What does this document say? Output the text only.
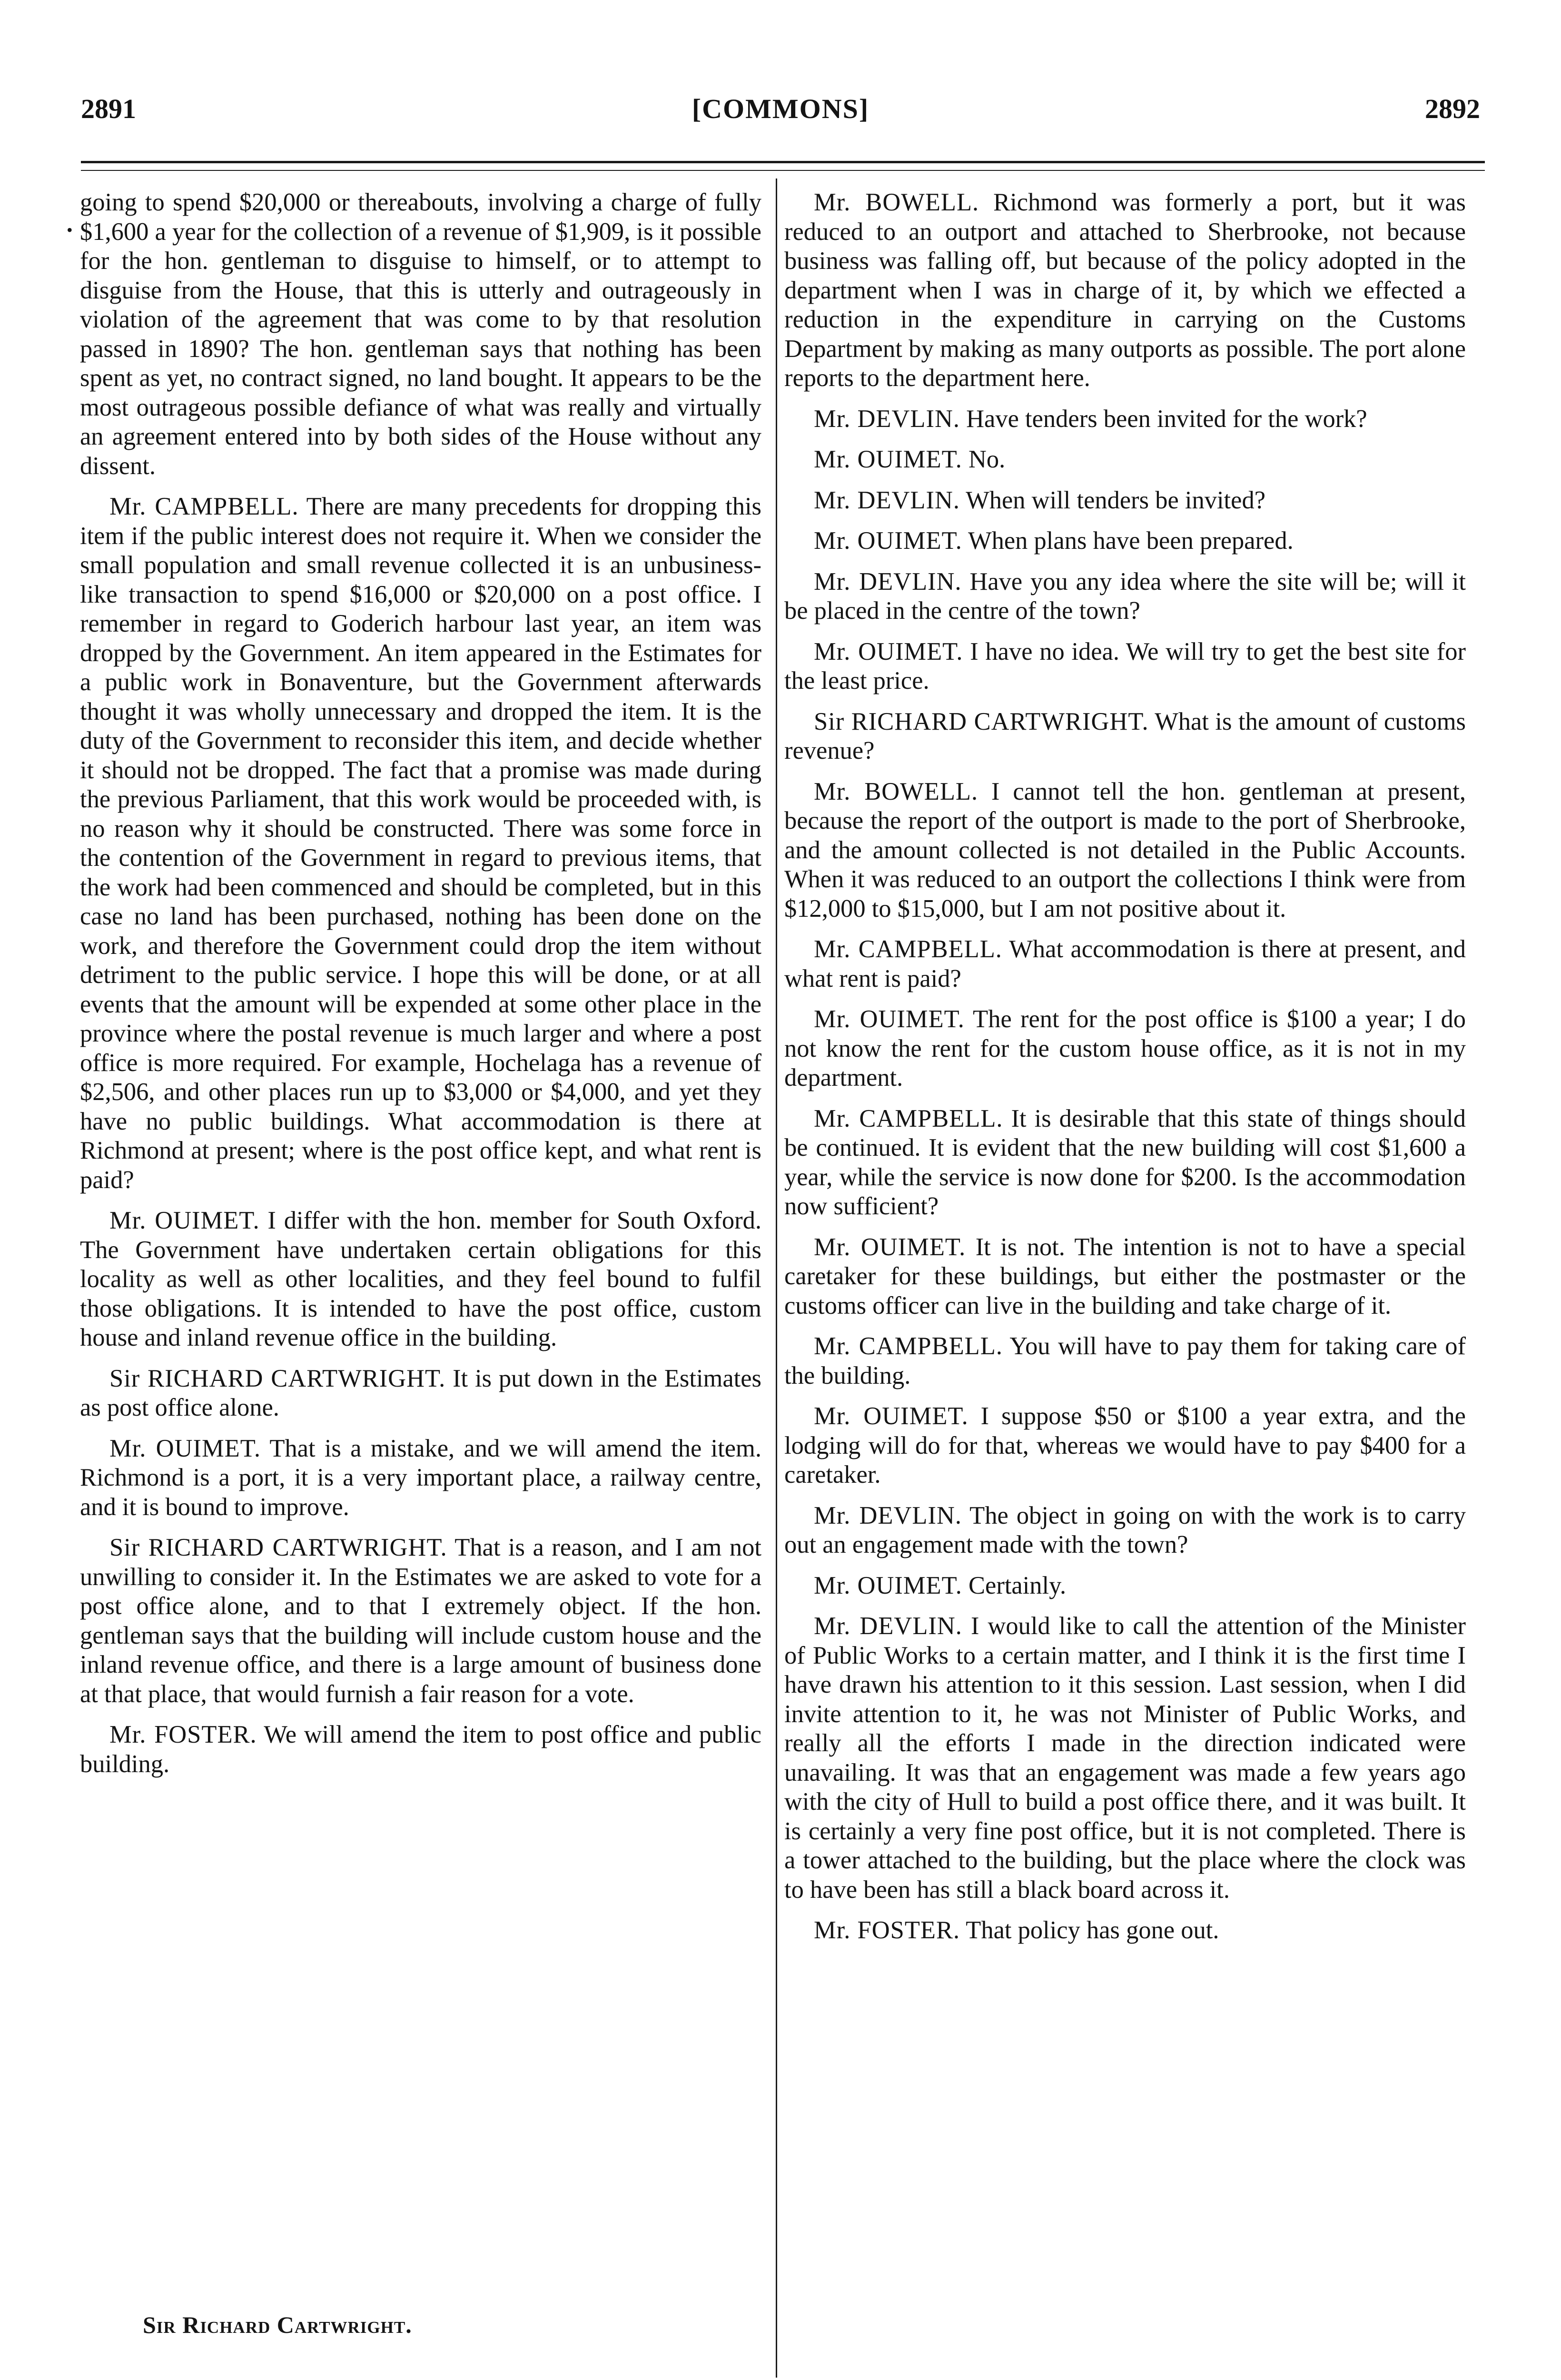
2891	[COMMONS]	2892
•

going to spend $20,000 or thereabouts, involving a charge of fully $1,600 a year for the collection of a revenue of $1,909, is it possible for the hon. gentleman to disguise to himself, or to attempt to disguise from the House, that this is utterly and outrageously in violation of the agreement that was come to by that resolution passed in 1890? The hon. gentleman says that nothing has been spent as yet, no contract signed, no land bought. It appears to be the most outrageous possible defiance of what was really and virtually an agreement entered into by both sides of the House without any dissent.

Mr. CAMPBELL. There are many precedents for dropping this item if the public interest does not require it. When we consider the small population and small revenue collected it is an unbusiness-like transaction to spend $16,000 or $20,000 on a post office. I remember in regard to Goderich harbour last year, an item was dropped by the Government. An item appeared in the Estimates for a public work in Bonaventure, but the Government afterwards thought it was wholly unnecessary and dropped the item. It is the duty of the Government to reconsider this item, and decide whether it should not be dropped. The fact that a promise was made during the previous Parliament, that this work would be proceeded with, is no reason why it should be constructed. There was some force in the contention of the Government in regard to previous items, that the work had been commenced and should be completed, but in this case no land has been purchased, nothing has been done on the work, and therefore the Government could drop the item without detriment to the public service. I hope this will be done, or at all events that the amount will be expended at some other place in the province where the postal revenue is much larger and where a post office is more required. For example, Hochelaga has a revenue of $2,506, and other places run up to $3,000 or $4,000, and yet they have no public buildings. What accommodation is there at Richmond at present; where is the post office kept, and what rent is paid?

Mr. OUIMET. I differ with the hon. member for South Oxford. The Government have undertaken certain obligations for this locality as well as other localities, and they feel bound to fulfil those obligations. It is intended to have the post office, custom house and inland revenue office in the building.

Sir RICHARD CARTWRIGHT. It is put down in the Estimates as post office alone.

Mr. OUIMET. That is a mistake, and we will amend the item. Richmond is a port, it is a very important place, a railway centre, and it is bound to improve.

Sir RICHARD CARTWRIGHT. That is a reason, and I am not unwilling to consider it. In the Estimates we are asked to vote for a post office alone, and to that I extremely object. If the hon. gentleman says that the building will include custom house and the inland revenue office, and there is a large amount of business done at that place, that would furnish a fair reason for a vote.

Mr. FOSTER. We will amend the item to post office and public building.

Sir Richard Cartwright.

Mr. BOWELL. Richmond was formerly a port, but it was reduced to an outport and attached to Sherbrooke, not because business was falling off, but because of the policy adopted in the department when I was in charge of it, by which we effected a reduction in the expenditure in carrying on the Customs Department by making as many outports as possible. The port alone reports to the department here.

Mr. DEVLIN. Have tenders been invited for the work?

Mr. OUIMET. No.

Mr. DEVLIN. When will tenders be invited?

Mr. OUIMET. When plans have been prepared.

Mr. DEVLIN. Have you any idea where the site will be; will it be placed in the centre of the town?

Mr. OUIMET. I have no idea. We will try to get the best site for the least price.

Sir RICHARD CARTWRIGHT. What is the amount of customs revenue?

Mr. BOWELL. I cannot tell the hon. gentleman at present, because the report of the outport is made to the port of Sherbrooke, and the amount collected is not detailed in the Public Accounts. When it was reduced to an outport the collections I think were from $12,000 to $15,000, but I am not positive about it.

Mr. CAMPBELL. What accommodation is there at present, and what rent is paid?

Mr. OUIMET. The rent for the post office is $100 a year; I do not know the rent for the custom house office, as it is not in my department.

Mr. CAMPBELL. It is desirable that this state of things should be continued. It is evident that the new building will cost $1,600 a year, while the service is now done for $200. Is the accommodation now sufficient?

Mr. OUIMET. It is not. The intention is not to have a special caretaker for these buildings, but either the postmaster or the customs officer can live in the building and take charge of it.

Mr. CAMPBELL. You will have to pay them for taking care of the building.

Mr. OUIMET. I suppose $50 or $100 a year extra, and the lodging will do for that, whereas we would have to pay $400 for a caretaker.

Mr. DEVLIN. The object in going on with the work is to carry out an engagement made with the town?

Mr. OUIMET. Certainly.

Mr. DEVLIN. I would like to call the attention of the Minister of Public Works to a certain matter, and I think it is the first time I have drawn his attention to it this session. Last session, when I did invite attention to it, he was not Minister of Public Works, and really all the efforts I made in the direction indicated were unavailing. It was that an engagement was made a few years ago with the city of Hull to build a post office there, and it was built. It is certainly a very fine post office, but it is not completed. There is a tower attached to the building, but the place where the clock was to have been has still a black board across it.

Mr. FOSTER. That policy has gone out.
